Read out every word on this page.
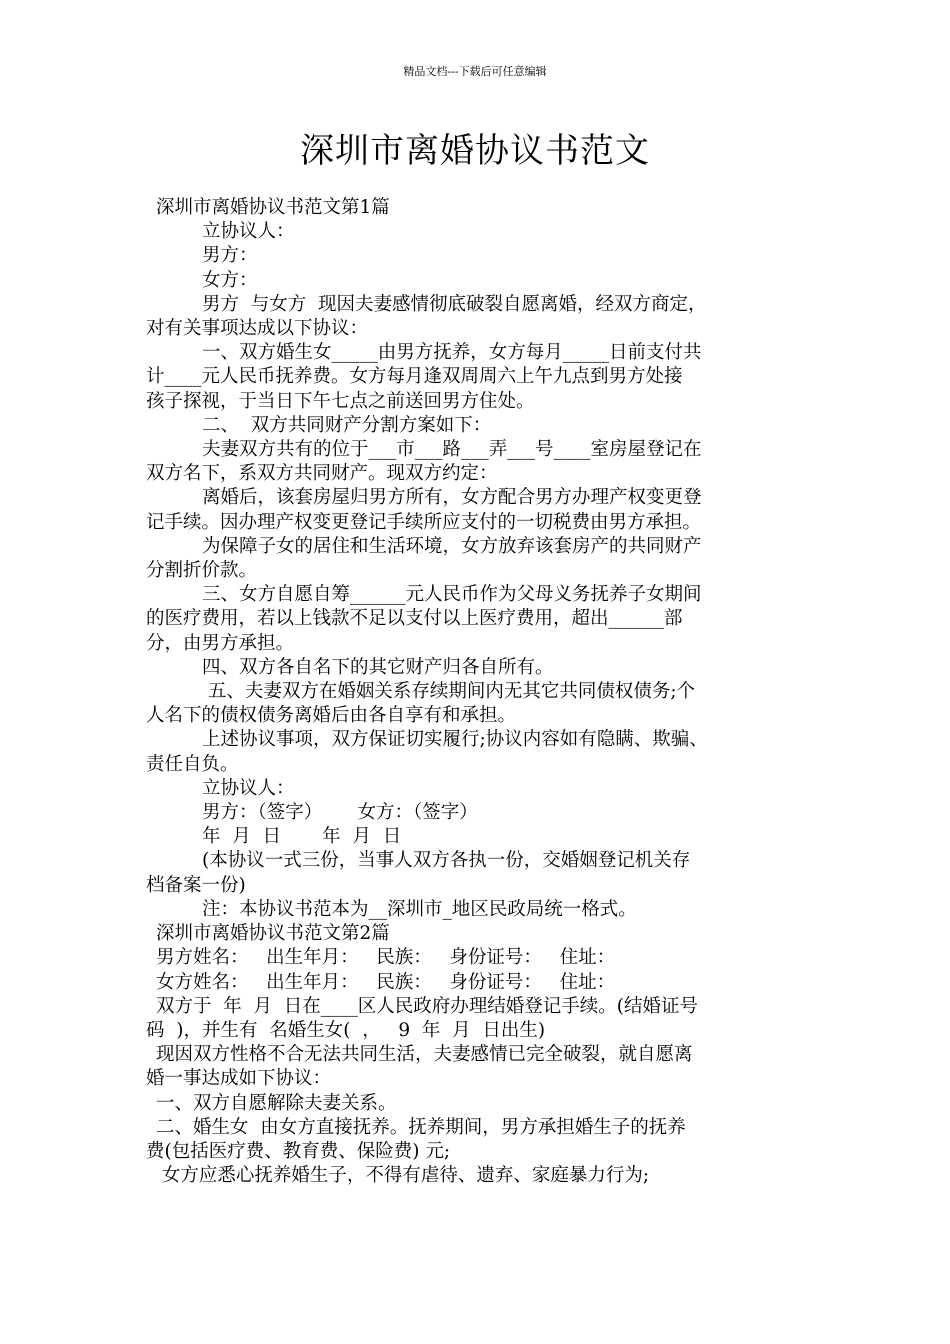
精品文档---下载后可任意编辑
深圳市离婚协议书范文

深圳市离婚协议书范文第1篇

立协议人：

男方：

女方：

男方  与女方  现因夫妻感情彻底破裂自愿离婚，经双方商定，

对有关事项达成以下协议：

一、双方婚生女_____由男方抚养，女方每月_____日前支付共

计____元人民币抚养费。女方每月逢双周周六上午九点到男方处接

孩子探视，于当日下午七点之前送回男方住处。

二、  双方共同财产分割方案如下：

夫妻双方共有的位于___市___路___弄___号____室房屋登记在

双方名下，系双方共同财产。现双方约定：

离婚后，该套房屋归男方所有，女方配合男方办理产权变更登

记手续。因办理产权变更登记手续所应支付的一切税费由男方承担。

为保障子女的居住和生活环境，女方放弃该套房产的共同财产

分割折价款。

三、女方自愿自筹______元人民币作为父母义务抚养子女期间

的医疗费用，若以上钱款不足以支付以上医疗费用，超出______部

分，由男方承担。

四、双方各自名下的其它财产归各自所有。

五、夫妻双方在婚姻关系存续期间内无其它共同债权债务;个

人名下的债权债务离婚后由各自享有和承担。

上述协议事项，双方保证切实履行;协议内容如有隐瞒、欺骗、

责任自负。

立协议人：

男方：（签字）      女方：（签字）

年  月  日       年  月  日

(本协议一式三份，当事人双方各执一份，交婚姻登记机关存

档备案一份)

注：本协议书范本为__深圳市_地区民政局统一格式。

深圳市离婚协议书范文第2篇

男方姓名：   出生年月：   民族：   身份证号：   住址：

女方姓名：   出生年月：   民族：   身份证号：   住址：

双方于  年  月  日在____区人民政府办理结婚登记手续。(结婚证号

码  )，并生有  名婚生女(  ，   9  年  月  日出生)

现因双方性格不合无法共同生活，夫妻感情已完全破裂，就自愿离

婚一事达成如下协议：

一、双方自愿解除夫妻关系。

二、婚生女  由女方直接抚养。抚养期间，男方承担婚生子的抚养

费(包括医疗费、教育费、保险费) 元;

女方应悉心抚养婚生子，不得有虐待、遗弃、家庭暴力行为;
